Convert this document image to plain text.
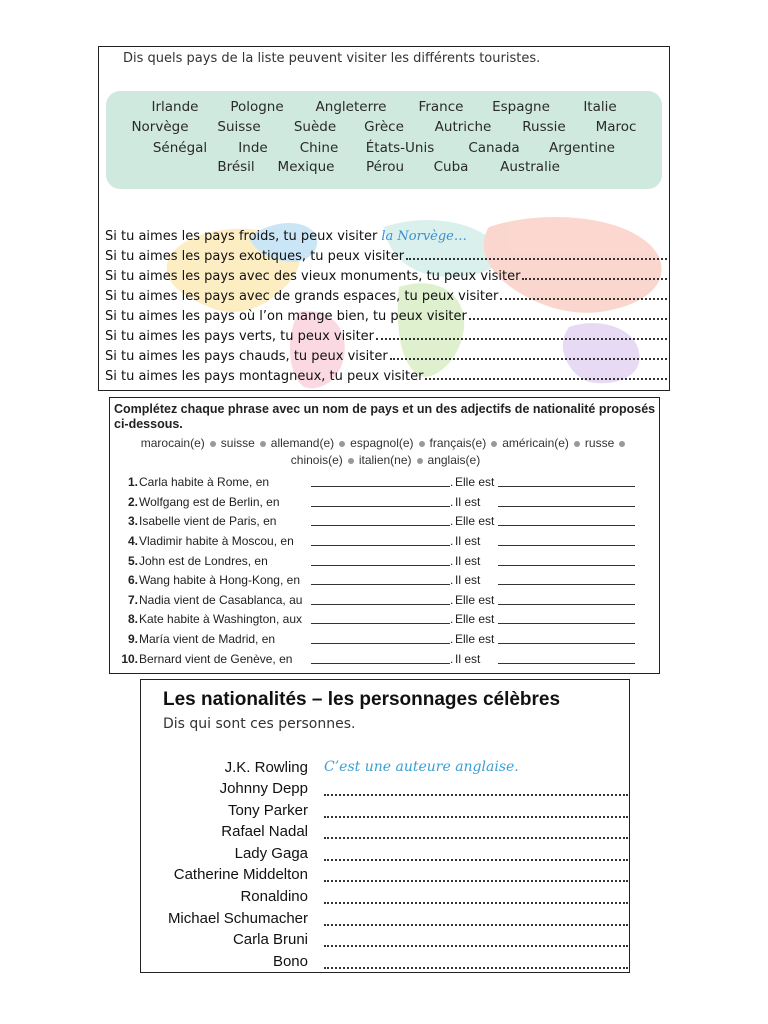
Dis quels pays de la liste peuvent visiter les différents touristes.
Irlande Pologne Angleterre France Espagne Italie
Norvège Suisse Suède Grèce Autriche Russie Maroc
Sénégal Inde Chine États-Unis	Canada Argentine
Brésil Mexique Pérou Cuba Australie
Si tu aimes les pays froids, tu peux visiter la Norvège…
Si tu aimes les pays exotiques, tu peux visiter
Si tu aimes les pays avec des vieux monuments, tu peux visiter
Si tu aimes les pays avec de grands espaces, tu peux visiter
Si tu aimes les pays où l’on mange bien, tu peux visiter
Si tu aimes les pays verts, tu peux visiter
Si tu aimes les pays chauds, tu peux visiter
Si tu aimes les pays montagneux, tu peux visiter
Complétez chaque phrase avec un nom de pays et un des adjectifs de nationalité proposés ci-dessous.
marocain(e) suisse allemand(e) espagnol(e) français(e) américain(e) russe
chinois(e) italien(ne) anglais(e)
1. Carla habite à Rome, en	. Elle est
2. Wolfgang est de Berlin, en	. Il est
3. Isabelle vient de Paris, en	. Elle est
4. Vladimir habite à Moscou, en	. Il est
5. John est de Londres, en	. Il est
6. Wang habite à Hong-Kong, en	. Il est
7. Nadia vient de Casablanca, au	. Elle est
8. Kate habite à Washington, aux	. Elle est
9. María vient de Madrid, en	. Elle est
10. Bernard vient de Genève, en	. Il est
Les nationalités – les personnages célèbres
Dis qui sont ces personnes.
J.K. Rowling C’est une auteure anglaise.
Johnny Depp
Tony Parker
Rafael Nadal
Lady Gaga
Catherine Middelton
Ronaldino
Michael Schumacher
Carla Bruni
Bono
